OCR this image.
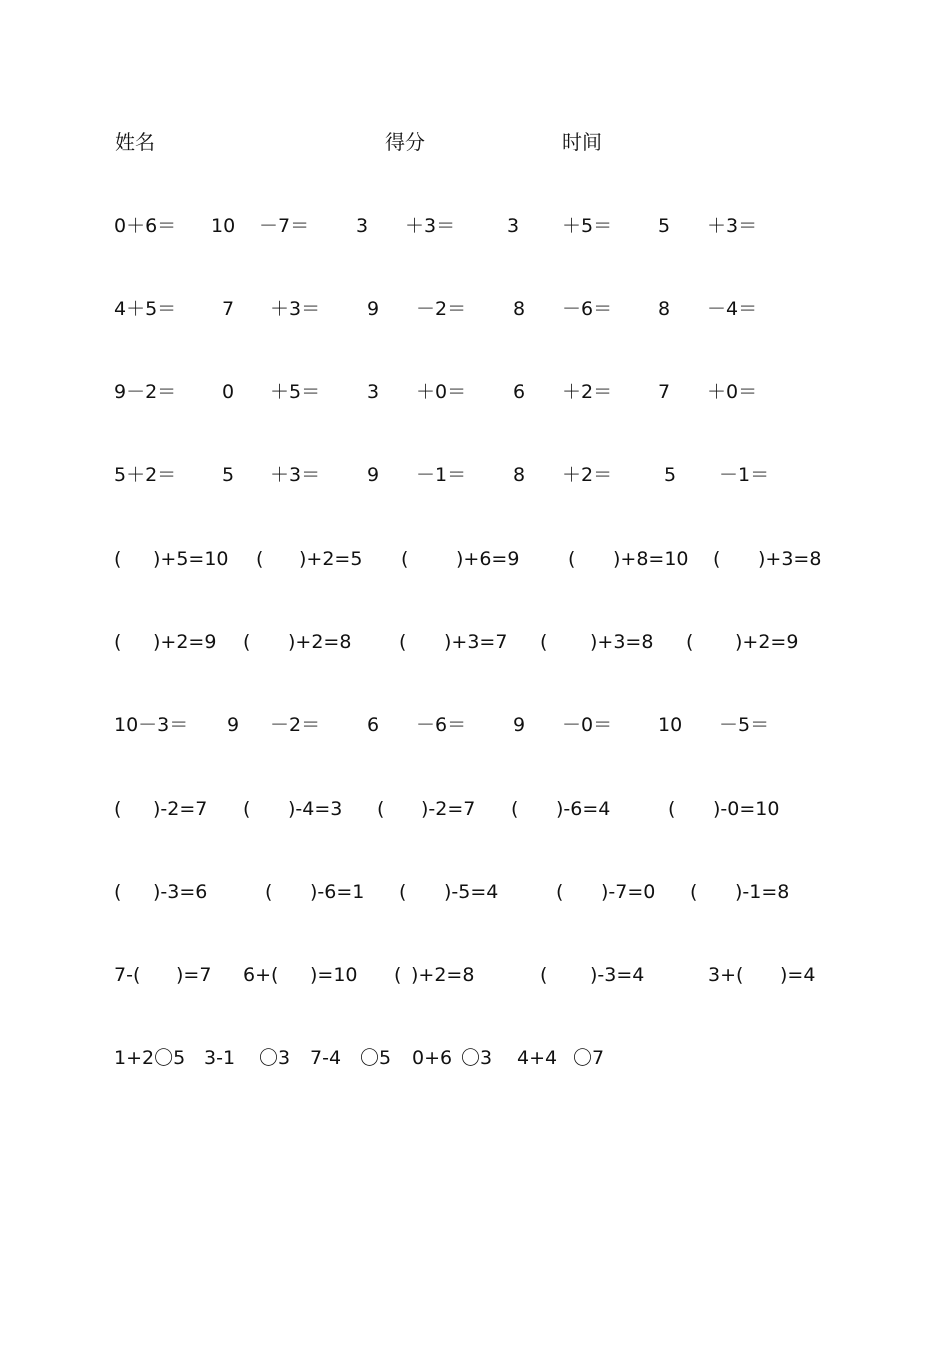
姓名	得分	时间
0＋6＝ 10 －7＝ 3 ＋3＝	3 ＋5＝ 5 ＋3＝
4＋5＝ 7 ＋3＝ 9 －2＝ 8 －6＝ 8 －4＝
9－2＝ 0 ＋5＝ 3 ＋0＝ 6 ＋2＝ 7 ＋0＝
5＋2＝ 5 ＋3＝ 9 －1＝ 8 ＋2＝	5 －1＝
( )+5=10 ( )+2=5 (	)+6=9	( )+8=10 ( )+3=8
( )+2=9 ( )+2=8	( )+3=7 ( )+3=8 ( )+2=9
10－3＝ 9 －2＝ 6 －6＝ 9 －0＝ 10 －5＝
( )-2=7 ( )-4=3 ( )-2=7 ( )-6=4	( )-0=10
( )-3=6	( )-6=1 ( )-5=4	( )-7=0 ( )-1=8
7-( )=7 6+( )=10 ( )+2=8	( )-3=4	3+( )=4
1+2〇5 3-1 〇3 7-4 〇5 0+6 〇3 4+4 〇7
